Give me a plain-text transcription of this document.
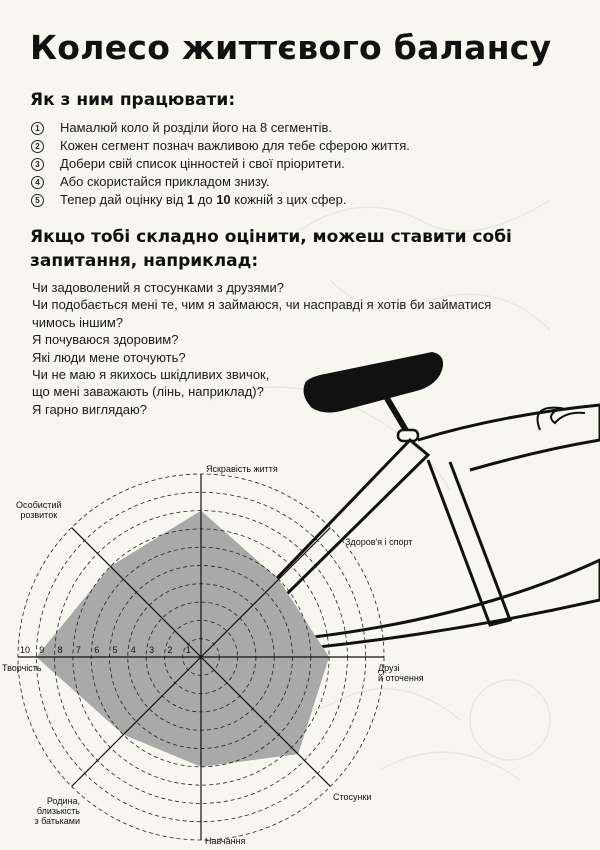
Колесо життєвого балансу
Як з ним працювати:
1	Намалюй коло й розділи його на 8 сегментів.
2	Кожен сегмент познач важливою для тебе сферою життя.
3	Добери свій список цінностей і свої пріоритети.
4	Або скористайся прикладом знизу.
5	Тепер дай оцінку від 1 до 10 кожній з цих сфер.
Якщо тобі складно оцінити, можеш ставити собі запитання, наприклад:
Чи задоволений я стосунками з друзями?
Чи подобається мені те, чим я займаюся, чи насправді я хотів би займатися
чимось іншим?
Я почуваюся здоровим?
Які люди мене оточують?
Чи не маю я якихось шкідливих звичок,
що мені заважають (лінь, наприклад)?
Я гарно виглядаю?
1
2
3
4
5
6
7
8
9
10
Яскравість життя
Здоров'я і спорт
Друзі
й оточення
Стосунки
Навчання
Родина,
близькість
з батьками
Творчість
Особистий
розвиток
